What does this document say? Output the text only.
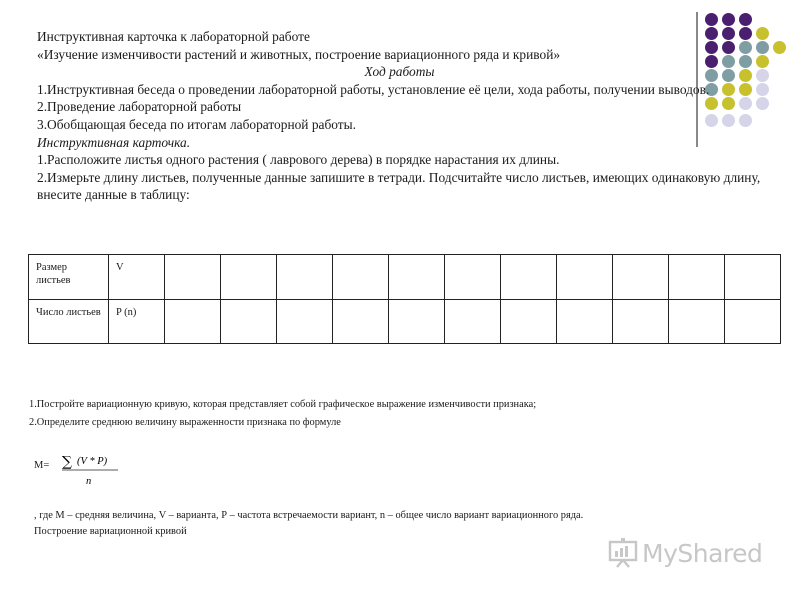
Инструктивная карточка к лабораторной работе
«Изучение изменчивости растений и животных, построение вариационного ряда и кривой»
Ход работы
1.Инструктивная беседа о проведении лабораторной работы, установление её цели, хода работы, получении выводов.
2.Проведение лабораторной работы
3.Обобщающая беседа по итогам лабораторной работы.
Инструктивная карточка.
1.Расположите листья одного растения ( лаврового дерева) в порядке нарастания их длины.
2.Измерьте длину листьев, полученные данные запишите в тетради. Подсчитайте число листьев, имеющих одинаковую длину, внесите данные в таблицу:
Размер листьев	V											
Число листьев	P (n)											
1.Постройте вариационную кривую, которая представляет собой графическое выражение изменчивости признака;
2.Определите среднюю величину выраженности признака по формуле
M= ∑ (V * P)
n
, где М – средняя величина, V – варианта, Р – частота встречаемости вариант, n – общее число вариант вариационного ряда.
Построение вариационной кривой
MyShared
